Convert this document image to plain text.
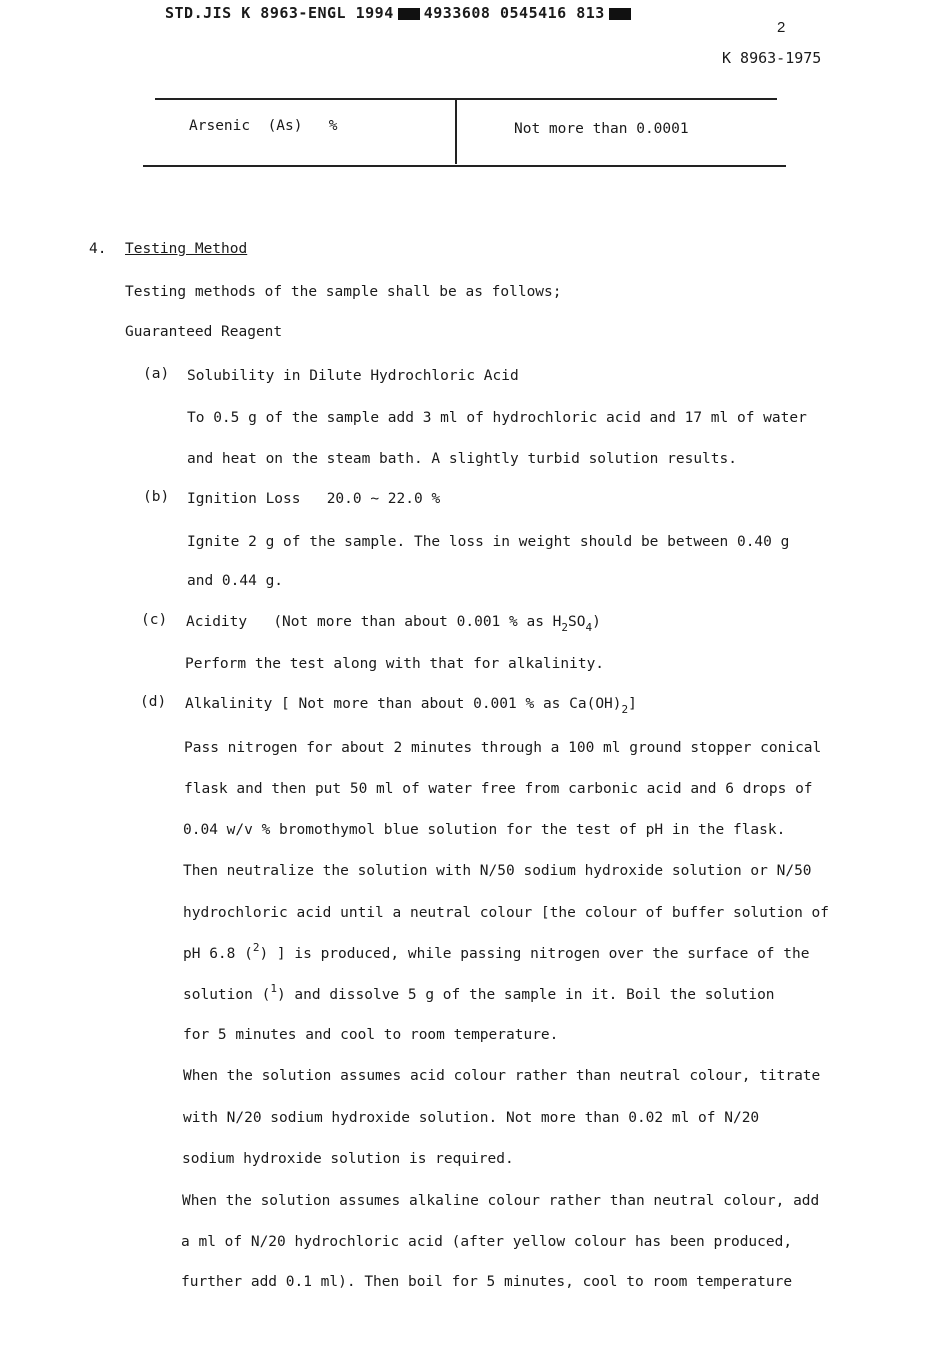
STD.JIS K 8963-ENGL 1994 4933608 0545416 813
2
K 8963-1975
Arsenic (As) %	Not more than 0.0001
4. Testing Method
Testing methods of the sample shall be as follows;
Guaranteed Reagent
(a) Solubility in Dilute Hydrochloric Acid
To 0.5 g of the sample add 3 ml of hydrochloric acid and 17 ml of water
and heat on the steam bath. A slightly turbid solution results.
(b) Ignition Loss 20.0 ~ 22.0 %
Ignite 2 g of the sample. The loss in weight should be between 0.40 g
and 0.44 g.
(c) Acidity (Not more than about 0.001 % as $H_2SO_4$)
Perform the test along with that for alkalinity.
(d) Alkalinity [ Not more than about 0.001 % as $Ca(OH)_2$]
Pass nitrogen for about 2 minutes through a 100 ml ground stopper conical
flask and then put 50 ml of water free from carbonic acid and 6 drops of
0.04 w/v % bromothymol blue solution for the test of pH in the flask.
Then neutralize the solution with N/50 sodium hydroxide solution or N/50
hydrochloric acid until a neutral colour [the colour of buffer solution of
pH 6.8 ($^2$) ] is produced, while passing nitrogen over the surface of the
solution ($^1$) and dissolve 5 g of the sample in it. Boil the solution
for 5 minutes and cool to room temperature.
When the solution assumes acid colour rather than neutral colour, titrate
with N/20 sodium hydroxide solution. Not more than 0.02 ml of N/20
sodium hydroxide solution is required.
When the solution assumes alkaline colour rather than neutral colour, add
a ml of N/20 hydrochloric acid (after yellow colour has been produced,
further add 0.1 ml). Then boil for 5 minutes, cool to room temperature
